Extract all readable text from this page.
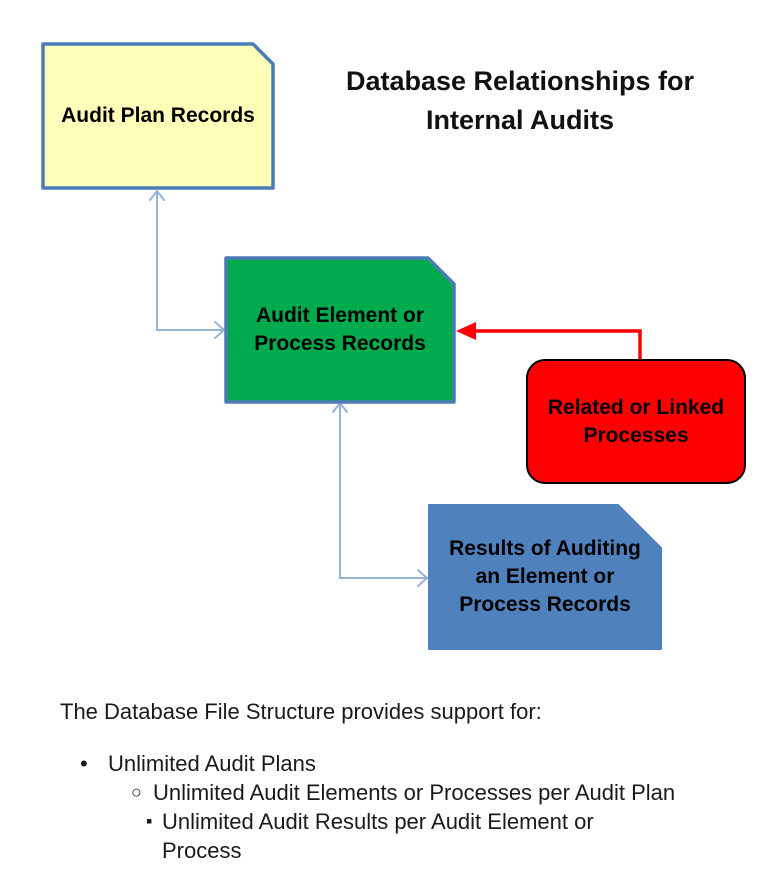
Database Relationships for
Internal Audits
Audit Plan Records
Audit Element or
Process Records
Related or Linked
Processes
Results of Auditing
an Element or
Process Records
The Database File Structure provides support for:
• Unlimited Audit Plans
○ Unlimited Audit Elements or Processes per Audit Plan
▪ Unlimited Audit Results per Audit Element or
Process
